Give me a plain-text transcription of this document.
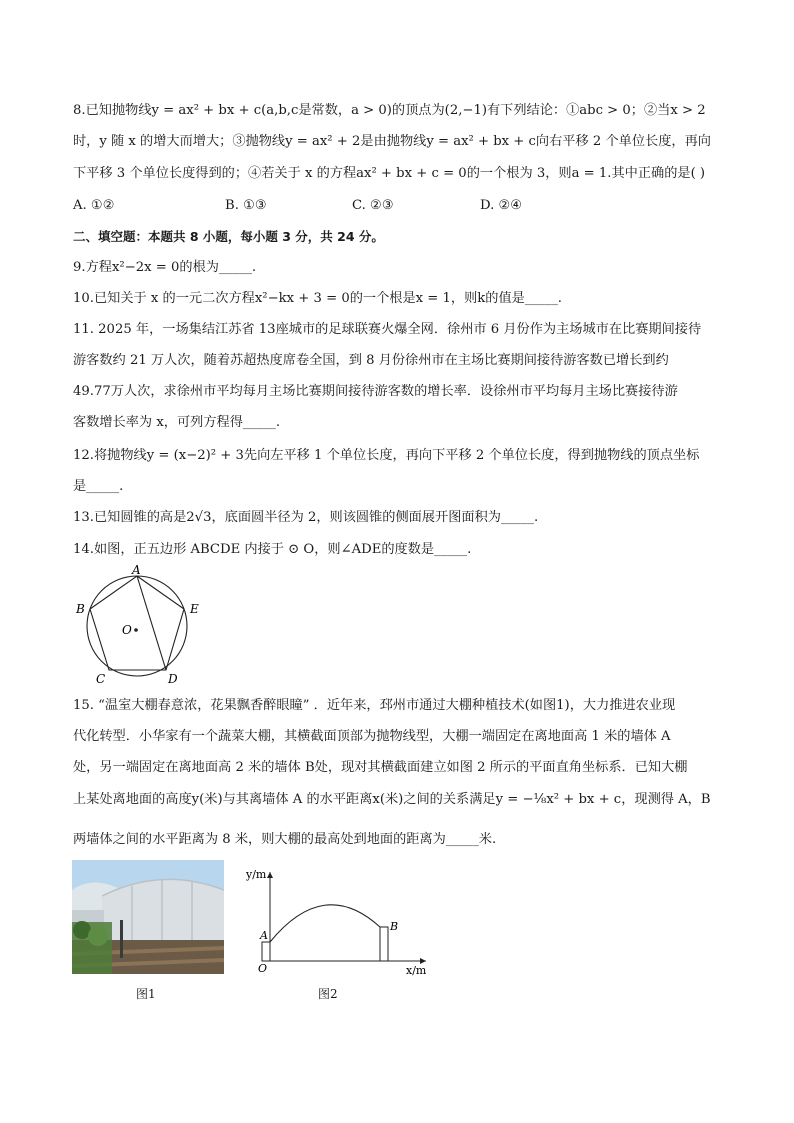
8.已知抛物线y = ax² + bx + c(a,b,c是常数，a > 0)的顶点为(2,−1)有下列结论：①abc > 0；②当x > 2
时，y 随 x 的增大而增大；③抛物线y = ax² + 2是由抛物线y = ax² + bx + c向右平移 2 个单位长度，再向
下平移 3 个单位长度得到的；④若关于 x 的方程ax² + bx + c = 0的一个根为 3，则a = 1.其中正确的是( )
A. ①②	B. ①③	C. ②③	D. ②④
二、填空题：本题共 8 小题，每小题 3 分，共 24 分。
9.方程x²−2x = 0的根为_____.
10.已知关于 x 的一元二次方程x²−kx + 3 = 0的一个根是x = 1，则k的值是_____.
11. 2025 年，一场集结江苏省 13座城市的足球联赛火爆全网．徐州市 6 月份作为主场城市在比赛期间接待
游客数约 21 万人次，随着苏超热度席卷全国，到 8 月份徐州市在主场比赛期间接待游客数已增长到约
49.77万人次，求徐州市平均每月主场比赛期间接待游客数的增长率．设徐州市平均每月主场比赛接待游
客数增长率为 x，可列方程得_____.
12.将抛物线y = (x−2)² + 3先向左平移 1 个单位长度，再向下平移 2 个单位长度，得到抛物线的顶点坐标
是_____.
13.已知圆锥的高是2√3，底面圆半径为 2，则该圆锥的侧面展开图面积为_____.
14.如图，正五边形 ABCDE 内接于 ⊙ O，则∠ADE的度数是_____.
A
B	E
C	D
O
15. “温室大棚春意浓，花果飘香醉眼瞳” ．近年来，邳州市通过大棚种植技术(如图1)，大力推进农业现
代化转型．小华家有一个蔬菜大棚，其横截面顶部为抛物线型，大棚一端固定在离地面高 1 米的墙体 A
处，另一端固定在离地面高 2 米的墙体 B处，现对其横截面建立如图 2 所示的平面直角坐标系．已知大棚
上某处离地面的高度y(米)与其离墙体 A 的水平距离x(米)之间的关系满足y = −⅛x² + bx + c，现测得 A，B
两墙体之间的水平距离为 8 米，则大棚的最高处到地面的距离为_____米.
图1
y/m
x/m
O
A
B
图2
